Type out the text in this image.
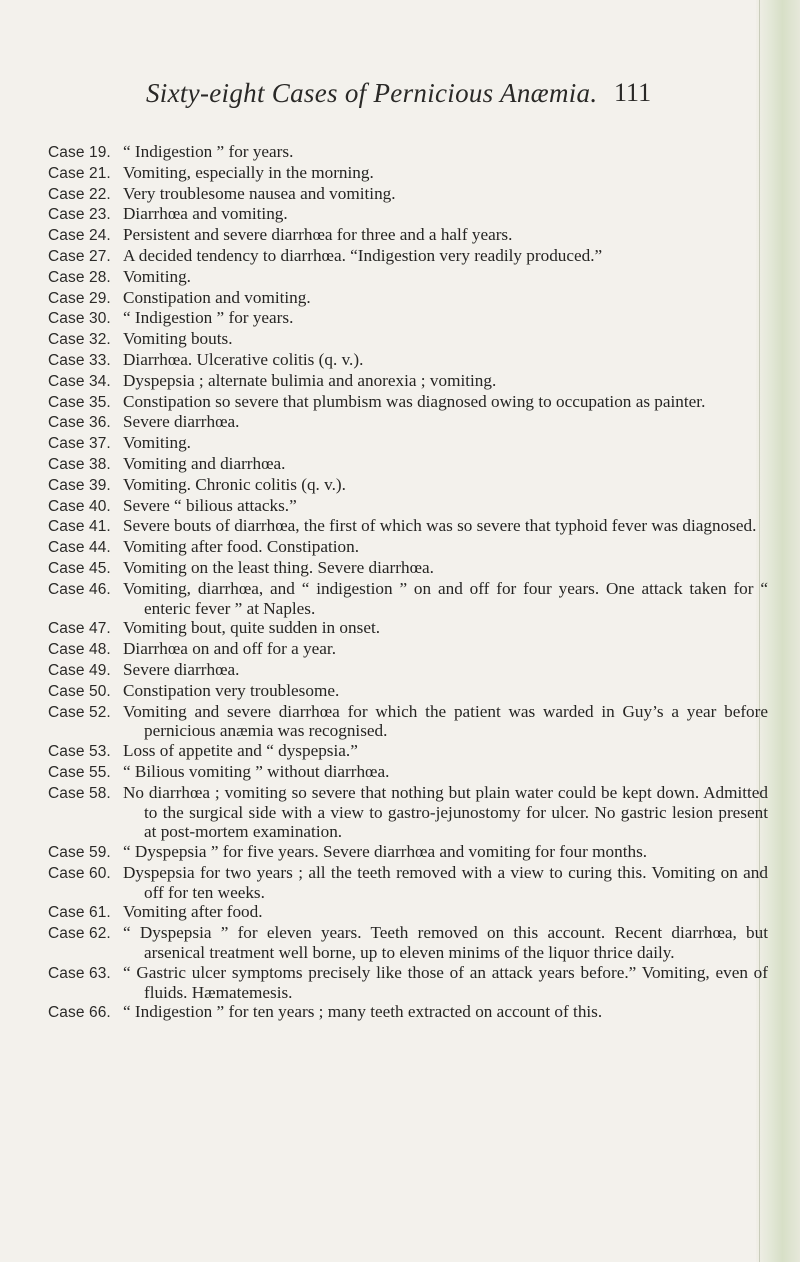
Sixty-eight Cases of Pernicious Anæmia. 111
Case 19. “ Indigestion ” for years.
Case 21. Vomiting, especially in the morning.
Case 22. Very troublesome nausea and vomiting.
Case 23. Diarrhœa and vomiting.
Case 24. Persistent and severe diarrhœa for three and a half years.
Case 27. A decided tendency to diarrhœa. “Indigestion very readily produced.”
Case 28. Vomiting.
Case 29. Constipation and vomiting.
Case 30. “ Indigestion ” for years.
Case 32. Vomiting bouts.
Case 33. Diarrhœa. Ulcerative colitis (q. v.).
Case 34. Dyspepsia ; alternate bulimia and anorexia ; vomiting.
Case 35. Constipation so severe that plumbism was diagnosed owing to occupation as painter.
Case 36. Severe diarrhœa.
Case 37. Vomiting.
Case 38. Vomiting and diarrhœa.
Case 39. Vomiting. Chronic colitis (q. v.).
Case 40. Severe “ bilious attacks.”
Case 41. Severe bouts of diarrhœa, the first of which was so severe that typhoid fever was diagnosed.
Case 44. Vomiting after food. Constipation.
Case 45. Vomiting on the least thing. Severe diarrhœa.
Case 46. Vomiting, diarrhœa, and “ indigestion ” on and off for four years. One attack taken for “ enteric fever ” at Naples.
Case 47. Vomiting bout, quite sudden in onset.
Case 48. Diarrhœa on and off for a year.
Case 49. Severe diarrhœa.
Case 50. Constipation very troublesome.
Case 52. Vomiting and severe diarrhœa for which the patient was warded in Guy’s a year before pernicious anæmia was recognised.
Case 53. Loss of appetite and “ dyspepsia.”
Case 55. “ Bilious vomiting ” without diarrhœa.
Case 58. No diarrhœa ; vomiting so severe that nothing but plain water could be kept down. Admitted to the surgical side with a view to gastro-jejunostomy for ulcer. No gastric lesion present at post-mortem examination.
Case 59. “ Dyspepsia ” for five years. Severe diarrhœa and vomiting for four months.
Case 60. Dyspepsia for two years ; all the teeth removed with a view to curing this. Vomiting on and off for ten weeks.
Case 61. Vomiting after food.
Case 62. “ Dyspepsia ” for eleven years. Teeth removed on this account. Recent diarrhœa, but arsenical treatment well borne, up to eleven minims of the liquor thrice daily.
Case 63. “ Gastric ulcer symptoms precisely like those of an attack years before.” Vomiting, even of fluids. Hæmatemesis.
Case 66. “ Indigestion ” for ten years ; many teeth extracted on account of this.
